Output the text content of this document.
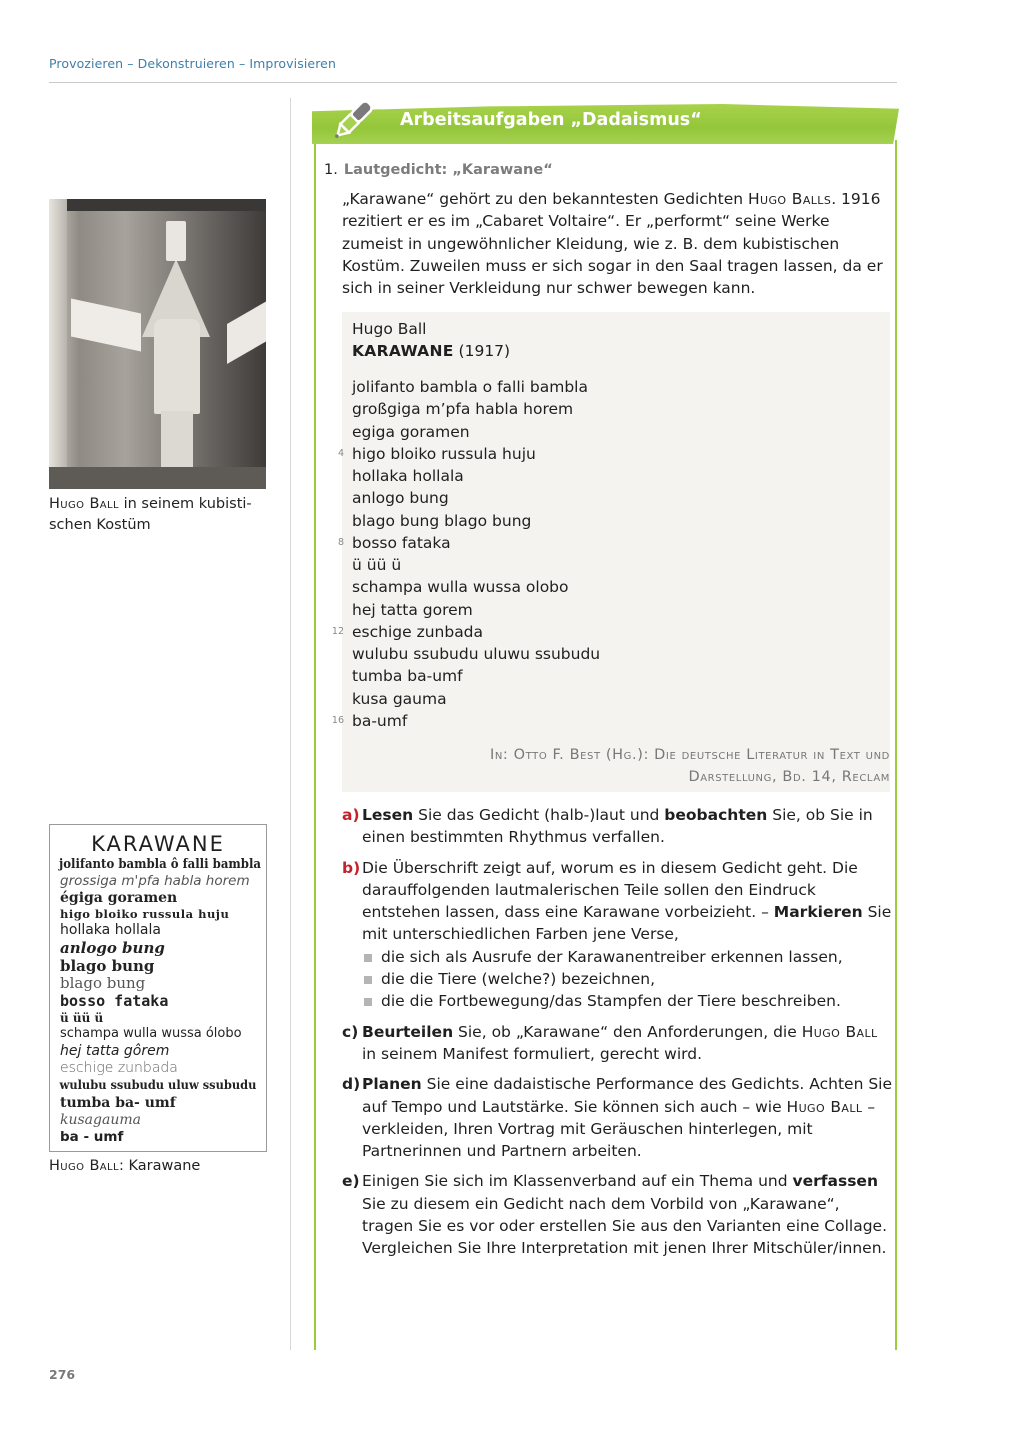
Provozieren – Dekonstruieren – Improvisieren
Hugo Ball in seinem kubisti-
schen Kostüm
KARAWANE
jolifanto bambla ô falli bambla
grossiga m'pfa habla horem
égiga goramen
higo bloiko russula huju
hollaka hollala
anlogo bung
blago bung
blago bung
bosso fataka
ü üü ü
schampa wulla wussa ólobo
hej tatta gôrem
eschige zunbada
wulubu ssubudu uluw ssubudu
tumba ba- umf
kusagauma
ba - umf
Hugo Ball: Karawane
Arbeitsaufgaben „Dadaismus“
1. Lautgedicht: „Karawane“
„Karawane“ gehört zu den bekanntesten Gedichten Hugo Balls. 1916 rezitiert er es im „Cabaret Voltaire“. Er „performt“ seine Werke zumeist in ungewöhnlicher Kleidung, wie z. B. dem kubistischen Kostüm. Zuweilen muss er sich sogar in den Saal tragen lassen, da er sich in seiner Verkleidung nur schwer bewegen kann.
Hugo Ball
KARAWANE (1917)
jolifanto bambla o falli bambla
großgiga m’pfa habla horem
egiga goramen
4 higo bloiko russula huju
hollaka hollala
anlogo bung
blago bung blago bung
8 bosso fataka
ü üü ü
schampa wulla wussa olobo
hej tatta gorem
12 eschige zunbada
wulubu ssubudu uluwu ssubudu
tumba ba-umf
kusa gauma
16 ba-umf
In: Otto F. Best (Hg.): Die deutsche Literatur in Text und
Darstellung, Bd. 14, Reclam
a) Lesen Sie das Gedicht (halb-)laut und beobachten Sie, ob Sie in einen bestimmten Rhythmus verfallen.
b) Die Überschrift zeigt auf, worum es in diesem Gedicht geht. Die darauffolgenden lautmalerischen Teile sollen den Eindruck entstehen lassen, dass eine Karawane vorbeizieht. – Markieren Sie mit unterschiedlichen Farben jene Verse,
die sich als Ausrufe der Karawanentreiber erkennen lassen,
die die Tiere (welche?) bezeichnen,
die die Fortbewegung/das Stampfen der Tiere beschreiben.
c) Beurteilen Sie, ob „Karawane“ den Anforderungen, die Hugo Ball in seinem Manifest formuliert, gerecht wird.
d) Planen Sie eine dadaistische Performance des Gedichts. Achten Sie auf Tempo und Lautstärke. Sie können sich auch – wie Hugo Ball – verkleiden, Ihren Vortrag mit Geräuschen hinterlegen, mit Partnerinnen und Partnern arbeiten.
e) Einigen Sie sich im Klassenverband auf ein Thema und verfassen Sie zu diesem ein Gedicht nach dem Vorbild von „Karawane“, tragen Sie es vor oder erstellen Sie aus den Varianten eine Collage. Vergleichen Sie Ihre Interpretation mit jenen Ihrer Mitschüler/innen.
276
